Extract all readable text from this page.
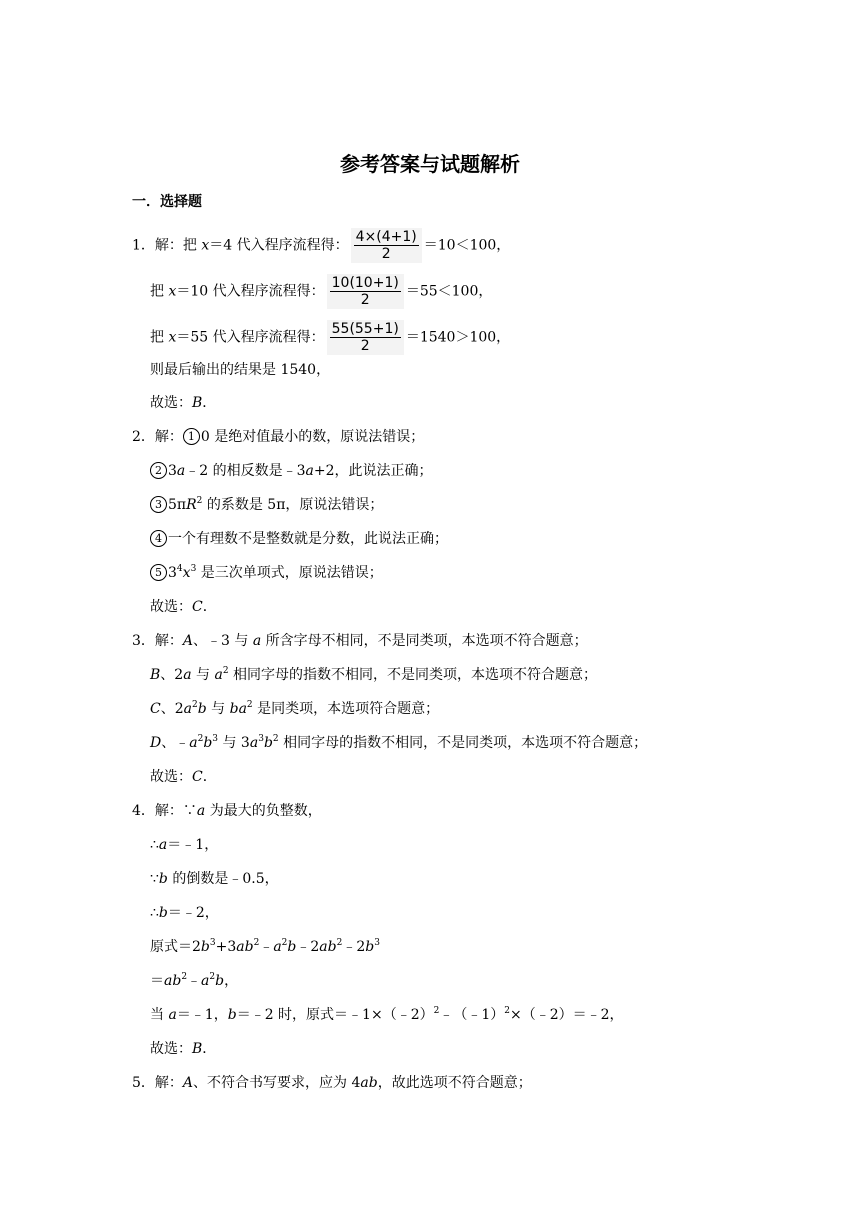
参考答案与试题解析
一．选择题
1．解：把 x＝4 代入程序流程得： $\frac{4\times(4+1)}{2} =10<100$，
把 x＝10 代入程序流程得： $\frac{10(10+1)}{2} =55<100$，
把 x＝55 代入程序流程得： $\frac{55(55+1)}{2} =1540>100$，
则最后输出的结果是 1540，
故选：B．
2．解： 1 0 是绝对值最小的数，原说法错误；
2 3a﹣2 的相反数是﹣3a+2，此说法正确；
3 $5\pi R^2$ 的系数是 5π，原说法错误；
4 一个有理数不是整数就是分数，此说法正确；
5 $3^4x^3$ 是三次单项式，原说法错误；
故选：C．
3．解：A、﹣3 与 a 所含字母不相同，不是同类项，本选项不符合题意；
B、2a 与 $a^2$ 相同字母的指数不相同，不是同类项，本选项不符合题意；
C、$2a^2b$ 与 $ba^2$ 是同类项，本选项符合题意；
D、$﹣a^2b^3$ 与 $3a^3b^2$ 相同字母的指数不相同，不是同类项，本选项不符合题意；
故选：C．
4．解：∵a 为最大的负整数，
∴a＝﹣1，
∵b 的倒数是﹣0.5，
∴b＝﹣2，
原式$=2b^3+3ab^2﹣a^2b﹣2ab^2﹣2b^3$
$=ab^2﹣a^2b$，
当 a＝﹣1，b＝﹣2 时，原式＝﹣1×（﹣2）$^2$﹣（﹣1）$^2$×（﹣2）＝﹣2，
故选：B．
5．解：A、不符合书写要求，应为 4ab，故此选项不符合题意；
